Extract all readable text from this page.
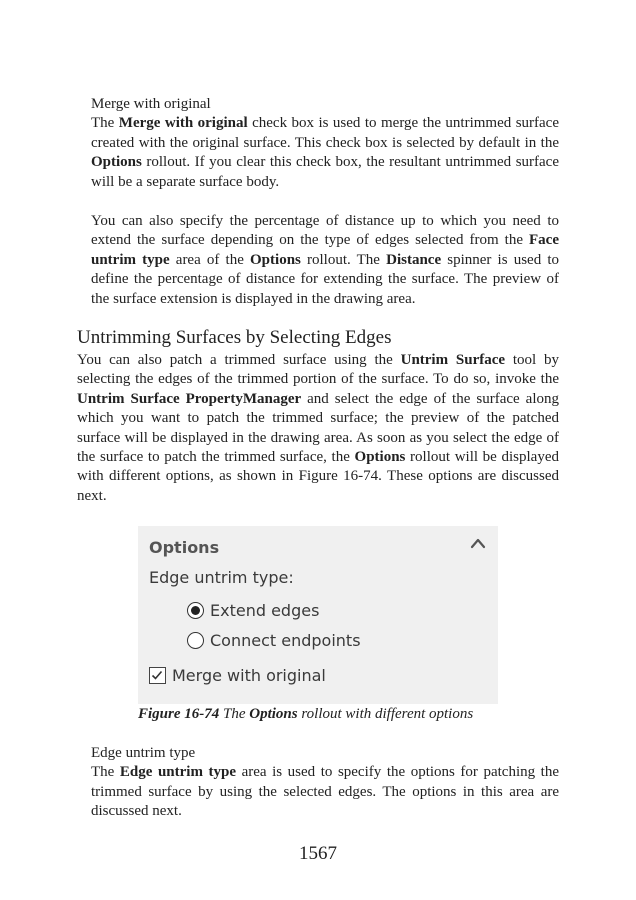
Merge with original

The Merge with original check box is used to merge the untrimmed surface created with the original surface. This check box is selected by default in the Options rollout. If you clear this check box, the resultant untrimmed surface will be a separate surface body.

You can also specify the percentage of distance up to which you need to extend the surface depending on the type of edges selected from the Face untrim type area of the Options rollout. The Distance spinner is used to define the percentage of distance for extending the surface. The preview of the surface extension is displayed in the drawing area.

Untrimming Surfaces by Selecting Edges

You can also patch a trimmed surface using the Untrim Surface tool by selecting the edges of the trimmed portion of the surface. To do so, invoke the Untrim Surface PropertyManager and select the edge of the surface along which you want to patch the trimmed surface; the preview of the patched surface will be displayed in the drawing area. As soon as you select the edge of the surface to patch the trimmed surface, the Options rollout will be displayed with different options, as shown in Figure 16-74. These options are discussed next.

Options
Edge untrim type:
Extend edges
Connect endpoints
Merge with original
Figure 16-74 The Options rollout with different options

Edge untrim type

The Edge untrim type area is used to specify the options for patching the trimmed surface by using the selected edges. The options in this area are discussed next.

1567
